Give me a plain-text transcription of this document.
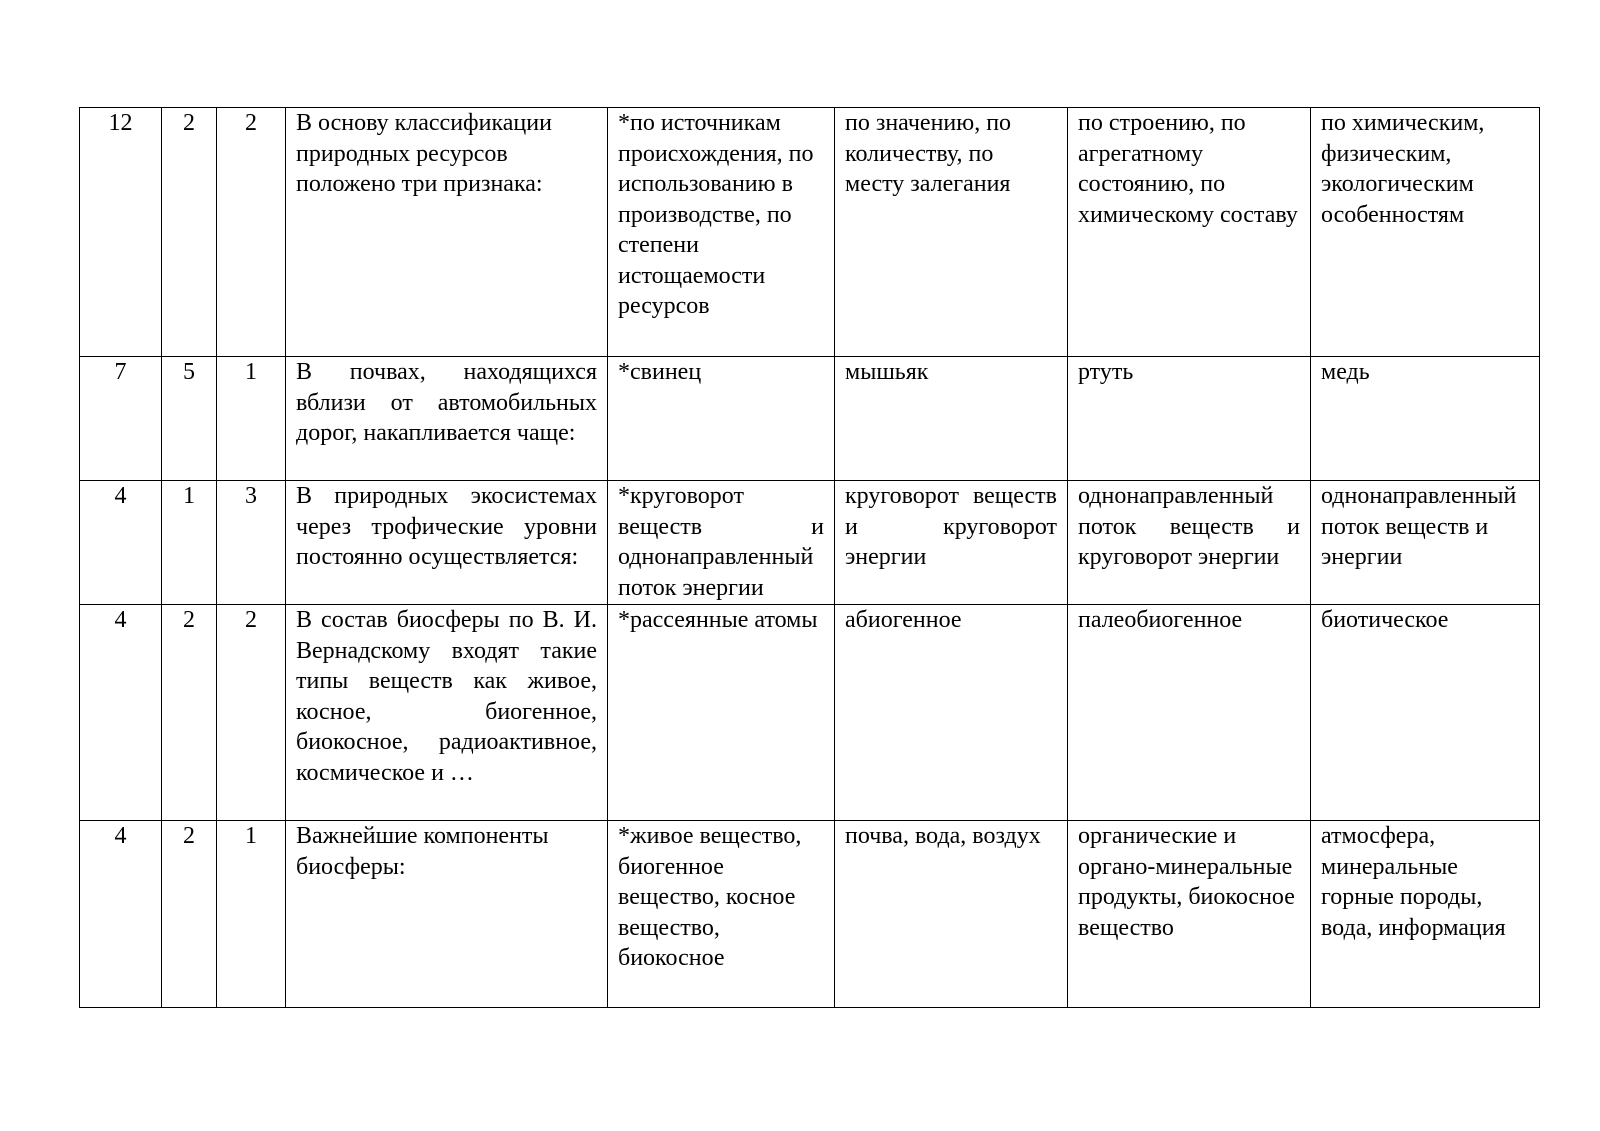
12	2	2	В основу классификации природных ресурсов положено три признака:	*по источникам происхождения, по использованию в производстве, по степени истощаемости ресурсов	по значению, по количеству, по месту залегания	по строению, по агрегатному состоянию, по химическому составу	по химическим, физическим, экологическим особенностям
7	5	1	В почвах, находящихся вблизи от автомобильных дорог, накапливается чаще:	*свинец	мышьяк	ртуть	медь
4	1	3	В природных экосистемах через трофические уровни постоянно осуществляется:	*круговорот веществ и однонаправленный поток энергии	круговорот веществ и круговорот энергии	однонаправленный поток веществ и круговорот энергии	однонаправленный поток веществ и энергии
4	2	2	В состав биосферы по В. И. Вернадскому входят такие типы веществ как живое, косное, биогенное, биокосное, радиоактивное, космическое и …	*рассеянные атомы	абиогенное	палеобиогенное	биотическое
4	2	1	Важнейшие компоненты биосферы:	*живое вещество, биогенное вещество, косное вещество, биокосное	почва, вода, воздух	органические и органо-минеральные продукты, биокосное вещество	атмосфера, минеральные горные породы, вода, информация
